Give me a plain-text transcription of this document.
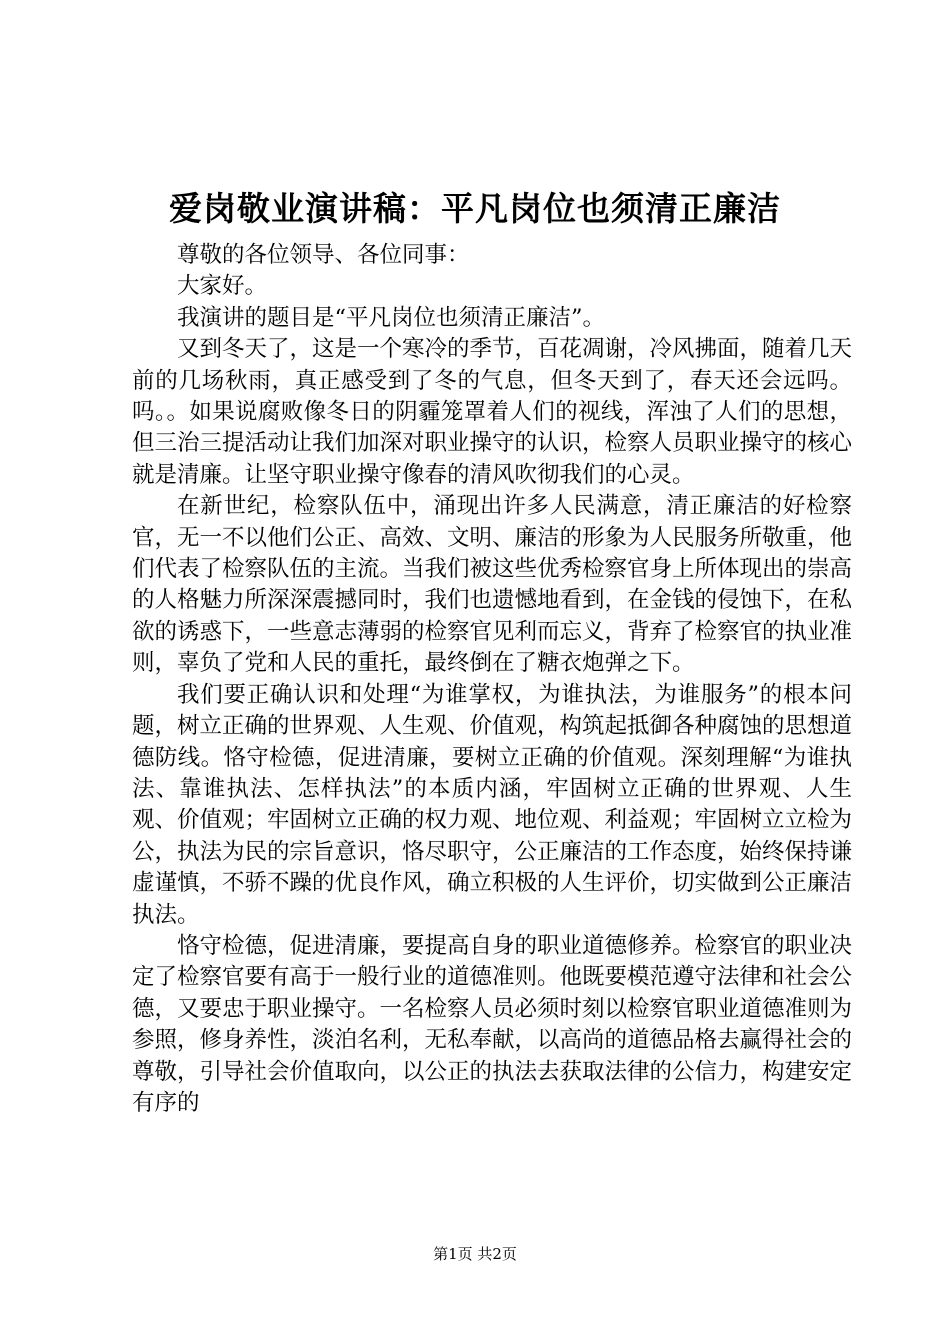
爱岗敬业演讲稿：平凡岗位也须清正廉洁

尊敬的各位领导、各位同事：

大家好。

我演讲的题目是“平凡岗位也须清正廉洁”。

又到冬天了，这是一个寒冷的季节，百花凋谢，冷风拂面，随着几天前的几场秋雨，真正感受到了冬的气息，但冬天到了，春天还会远吗。吗。。如果说腐败像冬日的阴霾笼罩着人们的视线，浑浊了人们的思想，但三治三提活动让我们加深对职业操守的认识，检察人员职业操守的核心就是清廉。让坚守职业操守像春的清风吹彻我们的心灵。

在新世纪，检察队伍中，涌现出许多人民满意，清正廉洁的好检察官，无一不以他们公正、高效、文明、廉洁的形象为人民服务所敬重，他们代表了检察队伍的主流。当我们被这些优秀检察官身上所体现出的崇高的人格魅力所深深震撼同时，我们也遗憾地看到，在金钱的侵蚀下，在私欲的诱惑下，一些意志薄弱的检察官见利而忘义，背弃了检察官的执业准则，辜负了党和人民的重托，最终倒在了糖衣炮弹之下。

我们要正确认识和处理“为谁掌权，为谁执法，为谁服务”的根本问题，树立正确的世界观、人生观、价值观，构筑起抵御各种腐蚀的思想道德防线。恪守检德，促进清廉，要树立正确的价值观。深刻理解“为谁执法、靠谁执法、怎样执法”的本质内涵，牢固树立正确的世界观、人生观、价值观；牢固树立正确的权力观、地位观、利益观；牢固树立立检为公，执法为民的宗旨意识，恪尽职守，公正廉洁的工作态度，始终保持谦虚谨慎，不骄不躁的优良作风，确立积极的人生评价，切实做到公正廉洁执法。

恪守检德，促进清廉，要提高自身的职业道德修养。检察官的职业决定了检察官要有高于一般行业的道德准则。他既要模范遵守法律和社会公德，又要忠于职业操守。一名检察人员必须时刻以检察官职业道德准则为参照，修身养性，淡泊名利，无私奉献，以高尚的道德品格去赢得社会的尊敬，引导社会价值取向，以公正的执法去获取法律的公信力，构建安定有序的

第1页 共2页
